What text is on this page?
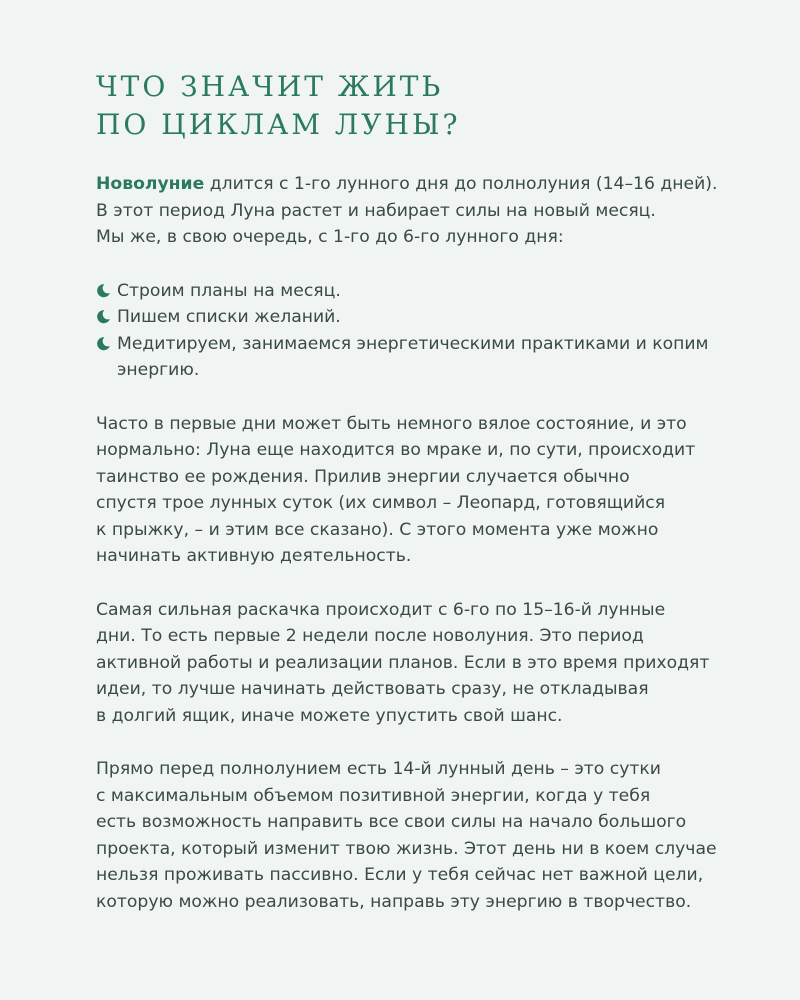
ЧТО ЗНАЧИТ ЖИТЬ
ПО ЦИКЛАМ ЛУНЫ?
Новолуние длится с 1-го лунного дня до полнолуния (14–16 дней).
В этот период Луна растет и набирает силы на новый месяц.
Мы же, в свою очередь, с 1-го до 6-го лунного дня:
Строим планы на месяц.
Пишем списки желаний.
Медитируем, занимаемся энергетическими практиками и копим
энергию.
Часто в первые дни может быть немного вялое состояние, и это
нормально: Луна еще находится во мраке и, по сути, происходит
таинство ее рождения. Прилив энергии случается обычно
спустя трое лунных суток (их символ – Леопард, готовящийся
к прыжку, – и этим все сказано). С этого момента уже можно
начинать активную деятельность.
Самая сильная раскачка происходит с 6-го по 15–16-й лунные
дни. То есть первые 2 недели после новолуния. Это период
активной работы и реализации планов. Если в это время приходят
идеи, то лучше начинать действовать сразу, не откладывая
в долгий ящик, иначе можете упустить свой шанс.
Прямо перед полнолунием есть 14-й лунный день – это сутки
с максимальным объемом позитивной энергии, когда у тебя
есть возможность направить все свои силы на начало большого
проекта, который изменит твою жизнь. Этот день ни в коем случае
нельзя проживать пассивно. Если у тебя сейчас нет важной цели,
которую можно реализовать, направь эту энергию в творчество.
